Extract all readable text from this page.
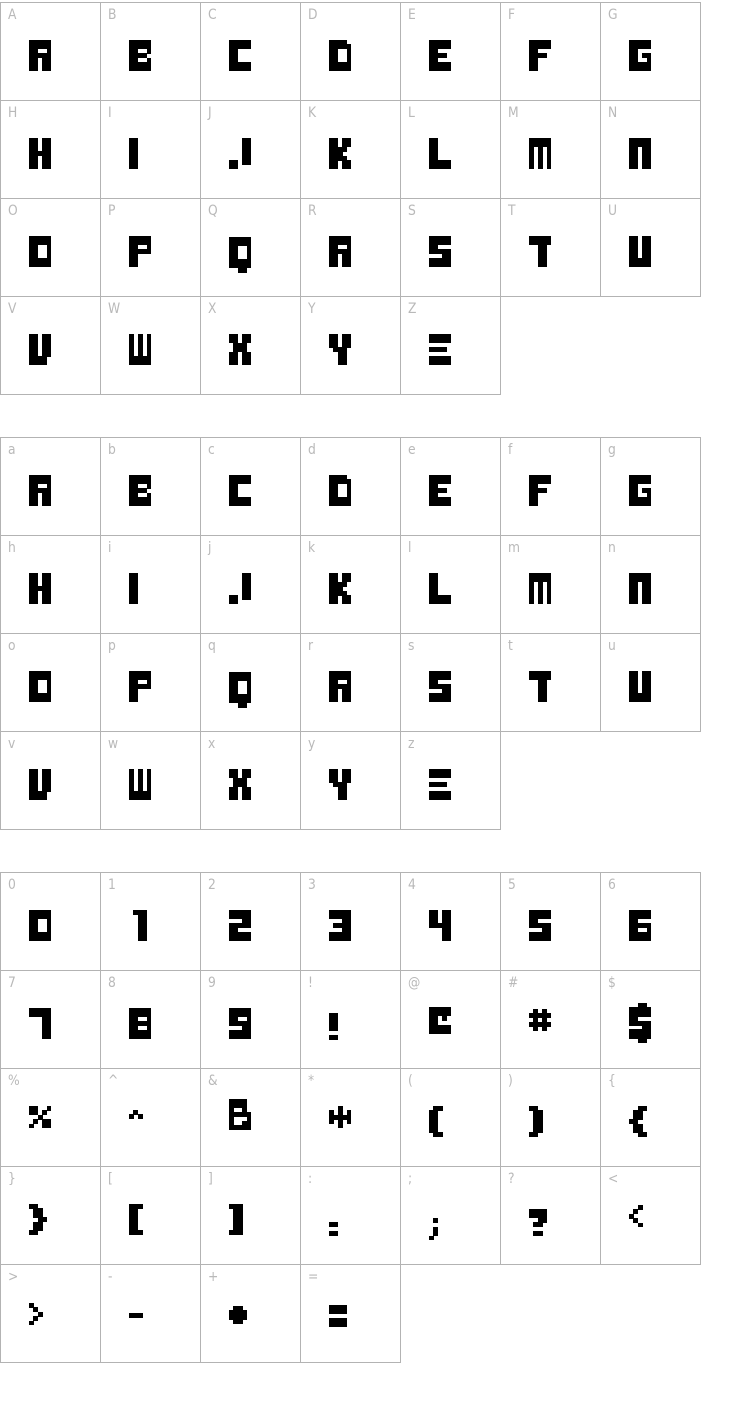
A	B	C	D	E	F	G

H	I	J	K	L	M	N

O	P	Q	R	S	T	U

V	W	X	Y	Z		
a	b	c	d	e	f	g

h	i	j	k	l	m	n

o	p	q	r	s	t	u

v	w	x	y	z		
0	1	2	3	4	5	6

7	8	9	!	@	#	$

%	^	&	*	(	)	{

}	[	]	:	;	?	<

>	-	+	=			
